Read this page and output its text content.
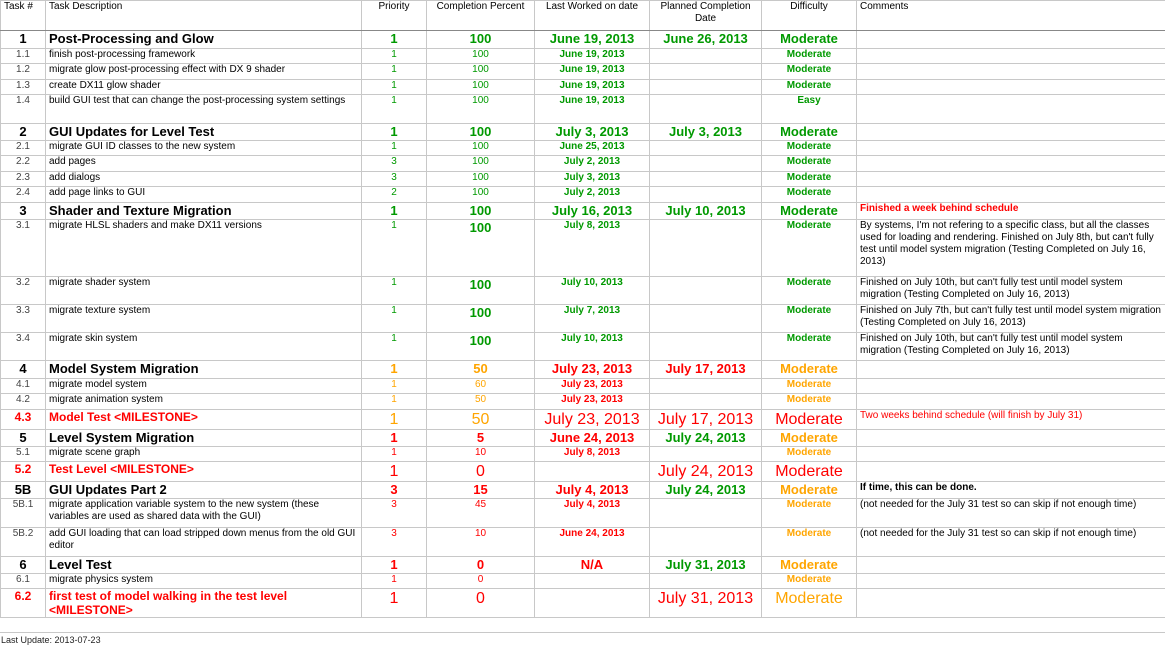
Task #	Task Description	Priority	Completion Percent	Last Worked on date	Planned Completion Date	Difficulty	Comments
1	Post-Processing and Glow	1	100	June 19, 2013	June 26, 2013	Moderate	
1.1	finish post-processing framework	1	100	June 19, 2013		Moderate	
1.2	migrate glow post-processing effect with DX 9 shader	1	100	June 19, 2013		Moderate	
1.3	create DX11 glow shader	1	100	June 19, 2013		Moderate	
1.4	build GUI test that can change the post-processing system settings	1	100	June 19, 2013		Easy	
2	GUI Updates for Level Test	1	100	July 3, 2013	July 3, 2013	Moderate	
2.1	migrate GUI ID classes to the new system	1	100	June 25, 2013		Moderate	
2.2	add pages	3	100	July 2, 2013		Moderate	
2.3	add dialogs	3	100	July 3, 2013		Moderate	
2.4	add page links to GUI	2	100	July 2, 2013		Moderate	
3	Shader and Texture Migration	1	100	July 16, 2013	July 10, 2013	Moderate	Finished a week behind schedule
3.1	migrate HLSL shaders and make DX11 versions	1	100	July 8, 2013		Moderate	By systems, I'm not refering to a specific class, but all the classes used for loading and rendering. Finished on July 8th, but can't fully test until model system migration (Testing Completed on July 16, 2013)
3.2	migrate shader system	1	100	July 10, 2013		Moderate	Finished on July 10th, but can't fully test until model system migration (Testing Completed on July 16, 2013)
3.3	migrate texture system	1	100	July 7, 2013		Moderate	Finished on July 7th, but can't fully test until model system migration (Testing Completed on July 16, 2013)
3.4	migrate skin system	1	100	July 10, 2013		Moderate	Finished on July 10th, but can't fully test until model system migration (Testing Completed on July 16, 2013)
4	Model System Migration	1	50	July 23, 2013	July 17, 2013	Moderate	
4.1	migrate model system	1	60	July 23, 2013		Moderate	
4.2	migrate animation system	1	50	July 23, 2013		Moderate	
4.3	Model Test <MILESTONE>	1	50	July 23, 2013	July 17, 2013	Moderate	Two weeks behind schedule (will finish by July 31)
5	Level System Migration	1	5	June 24, 2013	July 24, 2013	Moderate	
5.1	migrate scene graph	1	10	July 8, 2013		Moderate	
5.2	Test Level <MILESTONE>	1	0		July 24, 2013	Moderate	
5B	GUI Updates Part 2	3	15	July 4, 2013	July 24, 2013	Moderate	If time, this can be done.
5B.1	migrate application variable system to the new system (these variables are used as shared data with the GUI)	3	45	July 4, 2013		Moderate	(not needed for the July 31 test so can skip if not enough time)
5B.2	add GUI loading that can load stripped down menus from the old GUI editor	3	10	June 24, 2013		Moderate	(not needed for the July 31 test so can skip if not enough time)
6	Level Test	1	0	N/A	July 31, 2013	Moderate	
6.1	migrate physics system	1	0			Moderate	
6.2	first test of model walking in the test level <MILESTONE>	1	0		July 31, 2013	Moderate	
Last Update: 2013-07-23
